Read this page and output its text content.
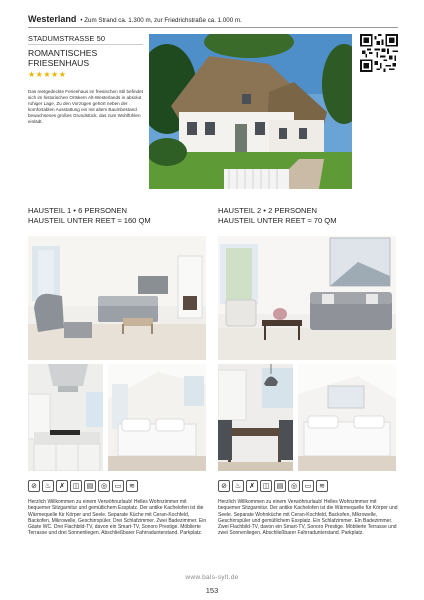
Westerland • Zum Strand ca. 1.300 m, zur Friedrichstraße ca. 1.000 m.
STADUMSTRASSE 50
ROMANTISCHES
FRIESENHAUS
★★★★★
Das reetgedeckte Ferienhaus im friesischen Stil befindet sich im historischen Ortskern Alt-Westerlands in absolut ruhiger Lage. Zu den Vorzügen gehört neben der komfortablen Ausstattung ein mit altem Baumbestand bewachsenes großes Grundstück, das zum Wohlfühlen einlädt.
HAUSTEIL 1 • 6 PERSONEN
HAUSTEIL UNTER REET ≈ 160 QM
⊘	♨	✗	◫	▤	◎	▭	≋
Herzlich Willkommen zu einem Verwöhnurlaub! Helles Wohnzimmer mit bequemer Sitzgarnitur und gemütlichem Essplatz. Der antike Kachelofen ist die Wärmequelle für Körper und Seele. Separate Küche mit Ceran-Kochfeld, Backofen, Mikrowelle, Geschirrspüler. Drei Schlafzimmer. Zwei Badezimmer. Ein Gäste WC. Drei Flachbild-TV, davon ein Smart-TV, Sonoro Prestige. Möblierte Terrasse und drei Sonnenliegen. Abschließbarer Fahrradunterstand. Parkplatz.
HAUSTEIL 2 • 2 PERSONEN
HAUSTEIL UNTER REET ≈ 70 QM
⊘	♨	✗	◫	▤	◎	▭	≋
Herzlich Willkommen zu einem Verwöhnurlaub! Helles Wohnzimmer mit bequemer Sitzgarnitur. Der antike Kachelofen ist die Wärmequelle für Körper und Seele. Separate Wohnküche mit Ceran-Kochfeld, Backofen, Mikrowelle, Geschirrspüler und gemütlichem Essplatz. Ein Schlafzimmer. Ein Badezimmer. Zwei Flachbild-TV, davon ein Smart-TV, Sonoro Prestige. Möblierte Terrasse und zwei Sonnenliegen. Abschließbarer Fahrradunterstand. Parkplatz.
www.bals-sylt.de
153
